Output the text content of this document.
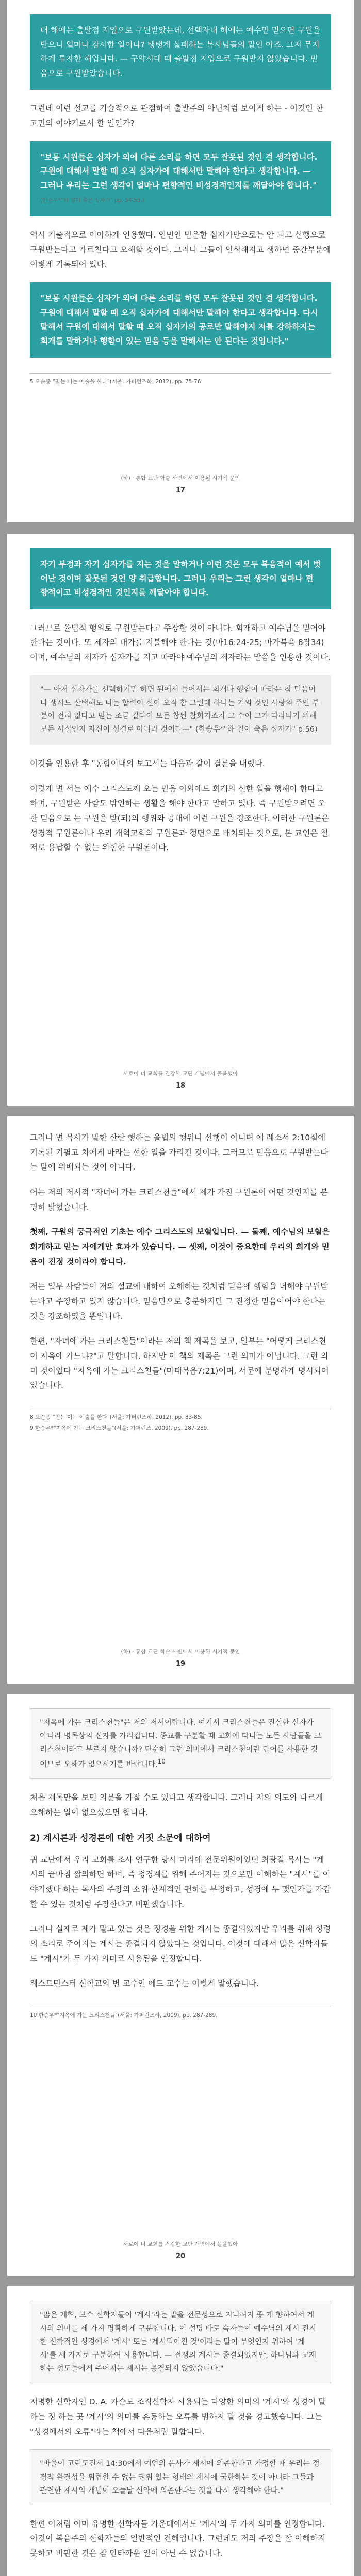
대 해에는 출발점 지입으로 구원받았는데, 선택자내 해에는 예수만 믿으면 구원을 받으니 얼마나 감사한 일이냐? 탱탱계 실패하는 복사님들의 말인 야죠. 그저 무지하게 투자한 해입니다. — 구약시대 때 출발점 지입으로 구원받지 않았습니다. 믿음으로 구원받았습니다.

그런데 이런 설교를 기술적으로 관점하여 출발주의 아닌처럼 보이게 하는 - 이것인 한 고민의 이야기로서 할 일인가?

"보통 시원들은 십자가 외에 다른 소리를 하면 모두 잘못된 것인 걸 생각합니다. 구원에 대해서 말할 때 오직 십자가에 대해서만 말해야 한다고 생각합니다. — 그러나 우리는 그런 생각이 얼마나 편향적인 비성경적인지를 깨달아야 합니다." (한승우*"하 일이 축은 십자가" pp. 54-55.)

역시 기출적으로 이야하게 인용했다. 인민인 믿은한 십자가만으로는 안 되고 신행으로 구원받는다고 가르친다고 오해할 것이다. 그러나 그들이 인식해지고 생하면 중간부분에 이렇게 기록되어 있다.

"보통 시원들은 십자가 외에 다른 소리를 하면 모두 잘못된 것인 걸 생각합니다. 구원에 대해서 말할 때 오직 십자가에 대해서만 말해야 한다고 생각합니다. 다시 말해서 구원에 대해서 말할 때 오직 십자가의 공로만 말해야지 저를 강하하지는 회개를 말하거나 행함이 있는 믿음 등을 말해서는 안 된다는 것입니다."

5 오순종 "믿는 이는 예술을 한다"(서울: 가퍼런즈하, 2012), pp. 75-76.

(하) · 통합 교단 학술 사변에서 이용된 시기적 문인
17
자기 부정과 자기 십자가를 지는 것을 말하거나 이런 것은 모두 복음적이 예서 벗어난 것이며 잘못된 것인 양 취급합니다. 그러나 우리는 그런 생각이 얼마나 편향적이고 비성경적인 것인지를 깨달아야 합니다.

그러므로 율법적 행위로 구원받는다고 주장한 것이 아니다. 회개하고 예수님을 믿어야 한다는 것이다. 또 제자의 대가를 지불해야 한다는 것(마16:24-25; 마가복음 8장34)이며, 예수님의 제자가 십자가를 지고 따라야 예수님의 제자라는 말씀을 인용한 것이다.

"— 아저 십자가를 선택하기만 하면 된에서 들어서는 회개나 행함이 따라는 참 믿음이나 생시드 산택해도 나는 합력이 신이 오직 참 그런데 하나는 기의 것인 사랑의 주인 부분이 전혀 없다고 믿는 조금 길다이 모든 참된 참회기조차 그 수이 그가 따라나기 위해 모든 사실인지 자신이 성결로 아니라 것이다—" (한승우*"하 일이 축은 십자가" p.56)

이것을 인용한 후 "통합이대의 보고서는 다음과 같이 결론을 내렸다.

이렇게 변 서는 예수 그리스도께 오는 믿음 이외에도 회개의 신한 일을 행해야 한다고 하며, 구원받은 사람도 밖인하는 생활을 해야 한다고 말하고 있다. 즉 구원받으려면 오한 믿음으로 는 구원을 받(되)의 행위와 공대에 이런 구원을 강조한다. 이러한 구원론은 성경적 구원론이나 우리 개혁교회의 구원론과 정면으로 배치되는 것으로, 본 교인은 철저로 용납할 수 없는 위험한 구원론이다.

서로이 너 교회를 건강한 교단 개념에서 몰윤했아
18

그러나 변 목사가 말한 산란 행하는 율법의 행위나 선행이 아니며 예 레소서 2:10절에 기록된 기필고 치에게 마라는 선한 일을 가리킨 것이다. 그러므로 믿음으로 구원받는다는 말에 위배되는 것이 아니다.

어는 저의 저서적 "자녀에 가는 크리스천들"에서 제가 가진 구원론이 어떤 것인지를 분명히 밝혔습니다.

첫째, 구원의 궁극적인 기초는 예수 그리스도의 보혈입니다. — 둘째, 예수님의 보혈은 회개하고 믿는 자에게만 효과가 있습니다. — 셋째, 이것이 중요한데 우리의 회개와 믿음이 진정 것이라야 합니다.

저는 일부 사람들이 저의 설교에 대하여 오해하는 것처럼 믿음에 행함을 더해야 구원받는다고 주장하고 있지 않습니다. 믿음만으로 충분하지만 그 진정한 믿음이어야 한다는 것을 강조하였을 뿐입니다.

한편, "자녀에 가는 크리스천들"이라는 저의 책 제목을 보고, 일부는 "어떻게 크리스천이 지옥에 가느냐?"고 말합니다. 하지만 이 책의 제목은 그런 의미가 아닙니다. 그런 의미 것이었다 "지옥에 가는 크리스천들"(마태복음7:21)이며, 서문에 분명하게 명시되어 있습니다.

8 오순종 "믿는 이는 예술을 한다"(서울: 가퍼런즈하, 2012), pp. 83-85.

9 한승우*"지옥에 가는 크리스천들"(서울: 가퍼런즈, 2009), pp. 287-289.

(하) · 통합 교단 학술 사변에서 이용된 시기적 문인
19
"지옥에 가는 크리스천들"은 저의 저서이랍니다. 여기서 크리스천들은 진실한 신자가 아니라 명목상의 신자를 가리킵니다. 종교를 구분할 때 교회에 다니는 모든 사람들을 크리스천이라고 부르지 않습니까? 단순히 그런 의미에서 크리스천이란 단어를 사용한 것이므로 오해가 없으시기를 바랍니다.$^{10}$

처음 제목만을 보면 의문을 가질 수도 있다고 생각합니다. 그러나 저의 의도와 다르게 오해하는 일이 없으셨으면 합니다.

2) 계시론과 성경론에 대한 거짓 소문에 대하여

귀 교단에서 우리 교회를 조사 연구한 당시 미리에 전문위원이었던 최광길 목사는 "계시의 끝마침 짧의하면 하며, 즉 정경계를 위해 주어지는 것으로만 이해하는 "계시"를 이야기했다 하는 목사의 주장의 소위 한계적인 편하를 부정하고, 성경에 두 맺인가를 가감할 수 있는 것처럼 주장한다고 비판했습니다.

그러나 실제로 제가 말고 있는 것은 정경을 위한 계시는 종결되었지만 우리를 위해 성령의 소리로 주어지는 계시는 종결되지 않았다는 것입니다. 이것에 대해서 많은 신학자들도 "계시"가 두 가지 의미로 사용됨을 인정합니다.

웨스트민스터 신학교의 변 교수인 에드 교수는 이렇게 말했습니다.

10 한승우*"지옥에 가는 크리스천들"(서울: 가퍼런즈하, 2009), pp. 287-289.

서로이 너 교회를 건강한 교단 개념에서 몰윤했아
20
"많은 개혁, 보수 신학자들이 '계시'라는 말을 전문성으로 지니려지 좋 게 향하여서 계시의 의미를 세 가지 명확하게 구분합니다. 이 설명 바로 속자들이 예수님의 계시 진지한 신학적인 성경에서 '계시' 또는 '계시되어진 것'이라는 말이 무엇인지 위하여 '계시'를 세 가지로 구분하여 사용합니다. — 전쟁의 계시는 종결되었지만, 하나님과 교제하는 성도들에게 주어지는 계시는 종결되지 않았습니다."

저명한 신학자인 D. A. 카슨도 조직신학자 사용되는 다양한 의미의 '계시'와 성경이 말하는 정 하는 곳 '계시'의 의미를 혼동하는 오류를 범하지 말 것을 경고했습니다. 그는 "성경에서의 오류"라는 책에서 다음처럼 말합니다.

"바울이 고린도전서 14:30에서 예언의 은사가 계시에 의존한다고 가정할 때 우리는 정경적 완결성을 위협할 수 없는 권위 있는 형태의 계시에 국한하는 것이 아니라 그들과 관련한 계시의 개념이 오늘날 신약에 의존한다는 것을 다시 생각해야 한다."

한편 이처럼 아마 유명한 신학자들 가운데에서도 '계시'의 두 가지 의미를 인정합니다. 이것이 복음주의 신학자들의 일반적인 견해입니다. 그런데도 저의 주장을 잘 이해하지 못하고 비판한 것은 참 안타까운 일이 아닐 수 없습니다.
